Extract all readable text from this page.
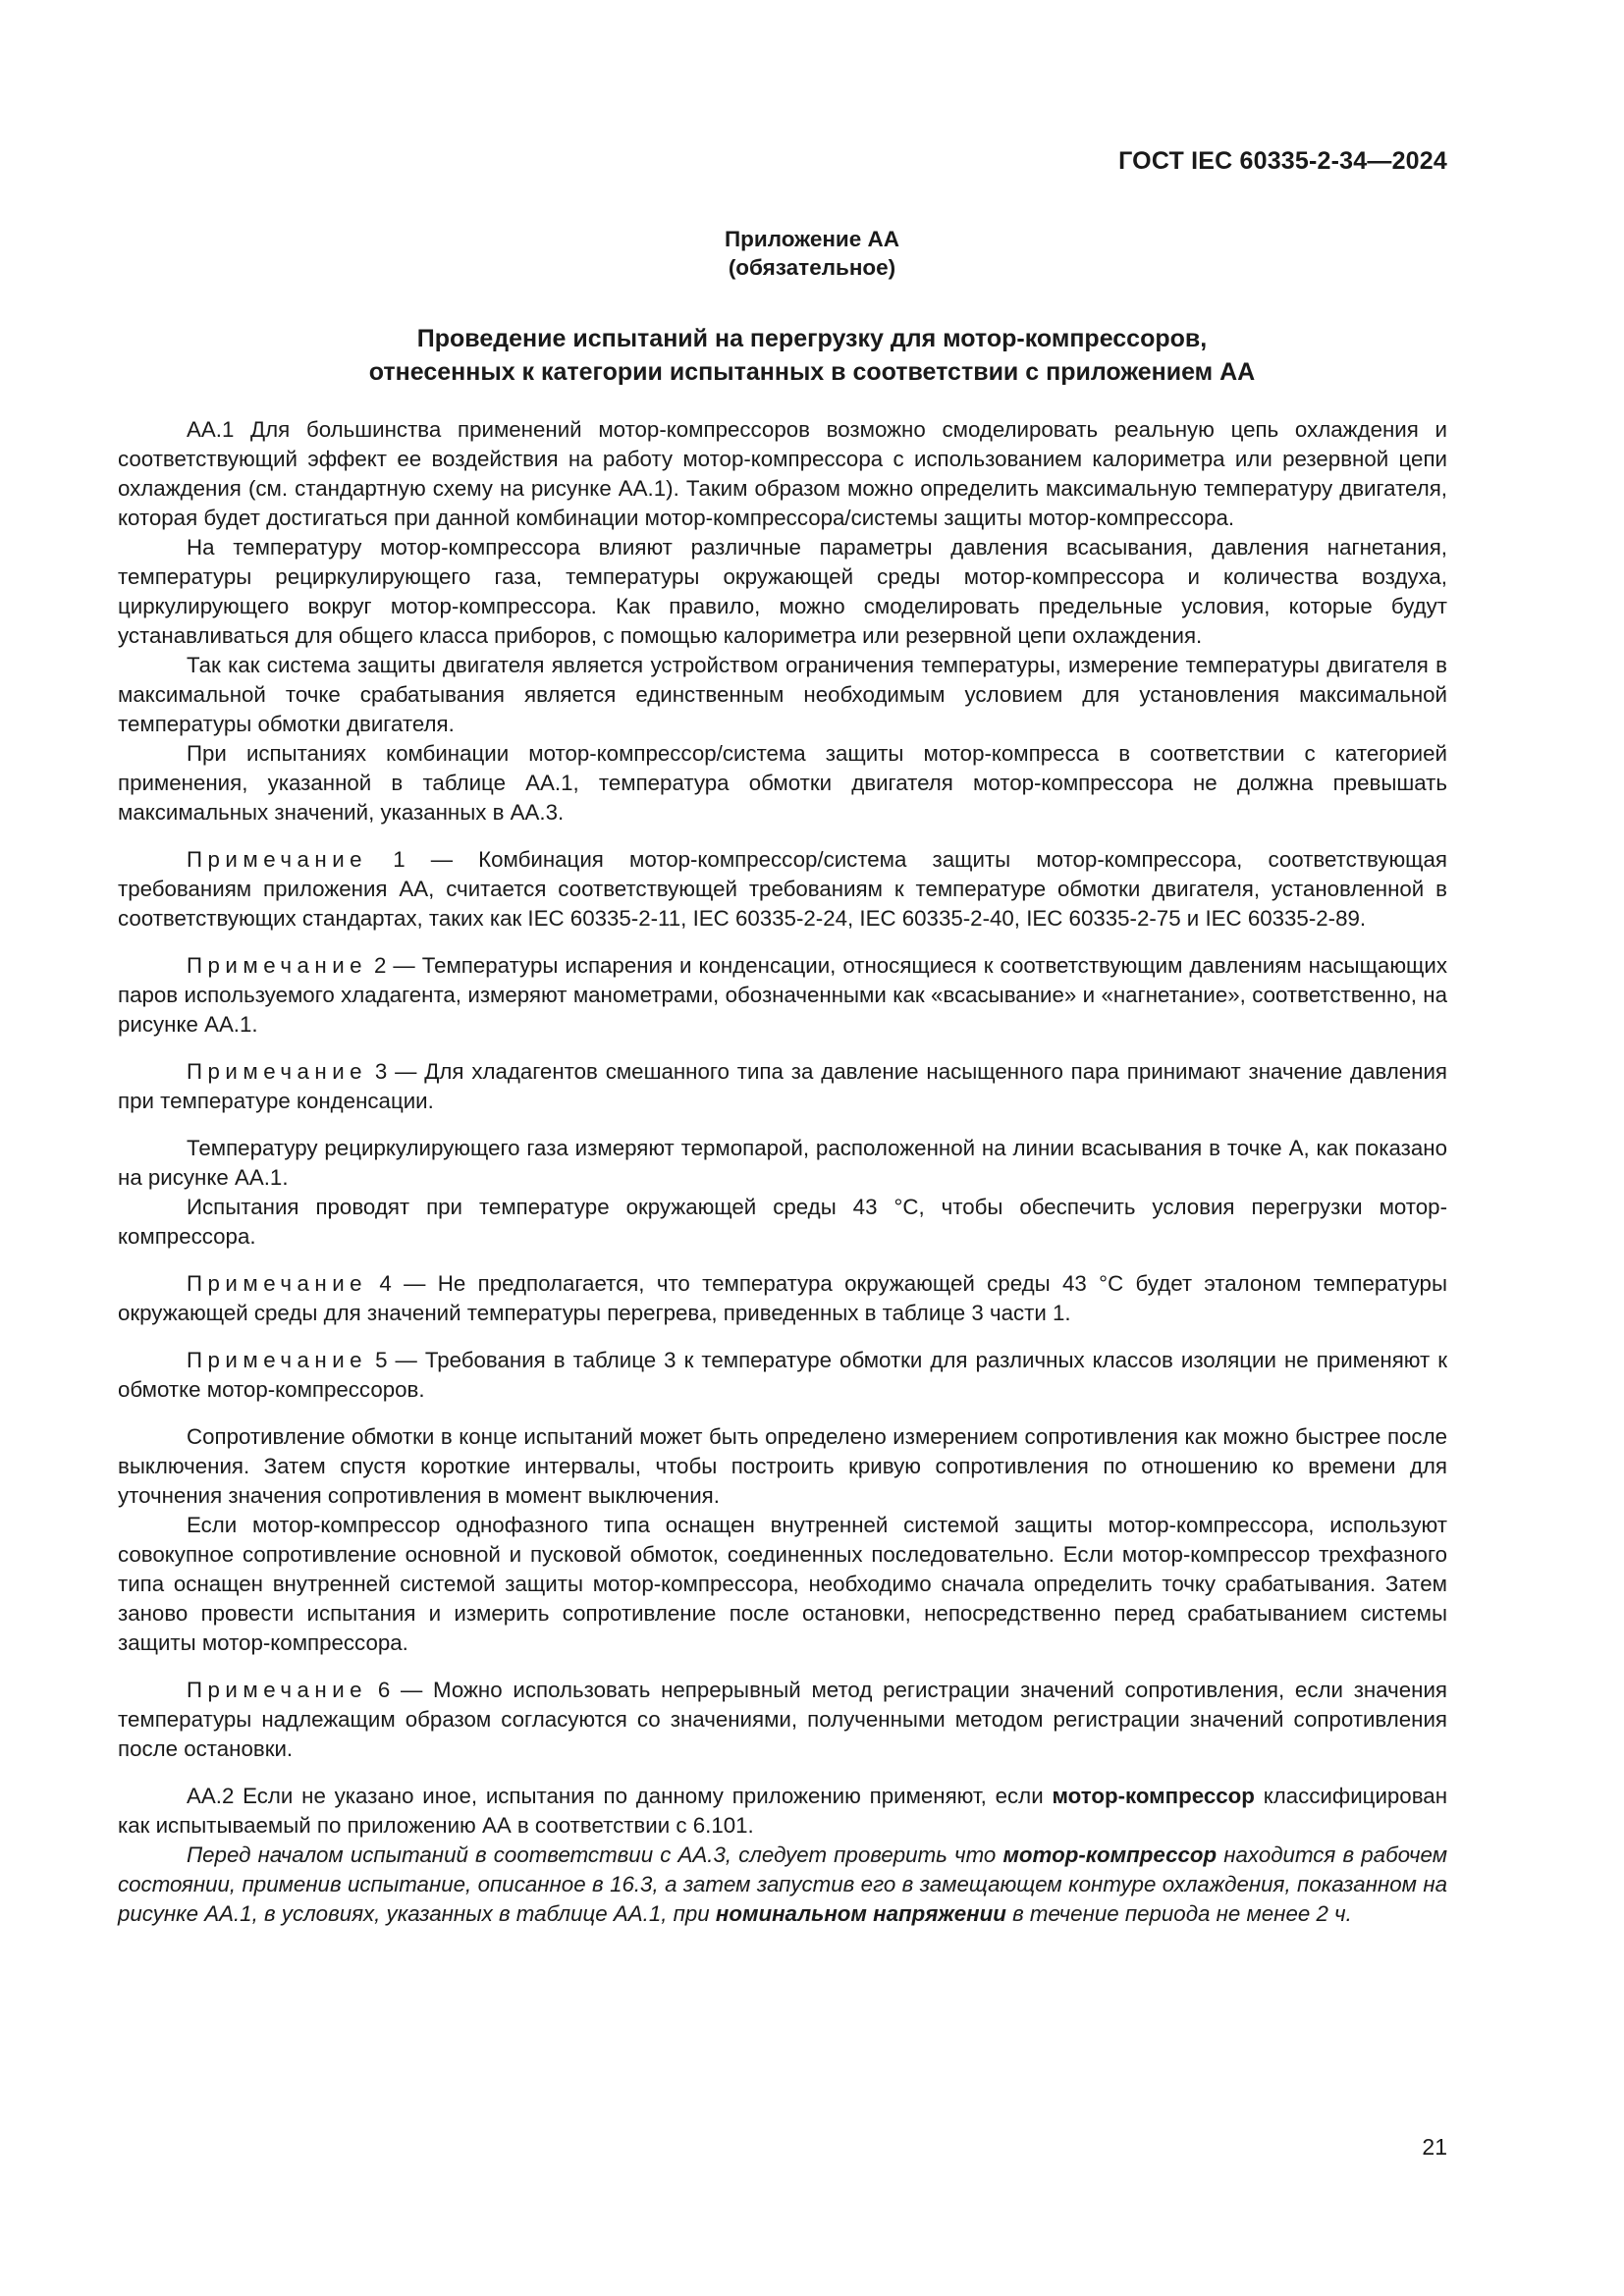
ГОСТ IEC 60335-2-34—2024
Приложение АА
(обязательное)
Проведение испытаний на перегрузку для мотор-компрессоров,
отнесенных к категории испытанных в соответствии с приложением АА

АА.1 Для большинства применений мотор-компрессоров возможно смоделировать реальную цепь охлаждения и соответствующий эффект ее воздействия на работу мотор-компрессора с использованием калориметра или резервной цепи охлаждения (см. стандартную схему на рисунке АА.1). Таким образом можно определить максимальную температуру двигателя, которая будет достигаться при данной комбинации мотор-компрессора/системы защиты мотор-компрессора.

На температуру мотор-компрессора влияют различные параметры давления всасывания, давления нагнетания, температуры рециркулирующего газа, температуры окружающей среды мотор-компрессора и количества воздуха, циркулирующего вокруг мотор-компрессора. Как правило, можно смоделировать предельные условия, которые будут устанавливаться для общего класса приборов, с помощью калориметра или резервной цепи охлаждения.

Так как система защиты двигателя является устройством ограничения температуры, измерение температуры двигателя в максимальной точке срабатывания является единственным необходимым условием для установления максимальной температуры обмотки двигателя.

При испытаниях комбинации мотор-компрессор/система защиты мотор-компресса в соответствии с категорией применения, указанной в таблице АА.1, температура обмотки двигателя мотор-компрессора не должна превышать максимальных значений, указанных в АА.3.

Примечание 1 — Комбинация мотор-компрессор/система защиты мотор-компрессора, соответствующая требованиям приложения АА, считается соответствующей требованиям к температуре обмотки двигателя, установленной в соответствующих стандартах, таких как IEC 60335-2-11, IEC 60335-2-24, IEC 60335-2-40, IEC 60335-2-75 и IEC 60335-2-89.

Примечание 2 — Температуры испарения и конденсации, относящиеся к соответствующим давлениям насыщающих паров используемого хладагента, измеряют манометрами, обозначенными как «всасывание» и «нагнетание», соответственно, на рисунке АА.1.

Примечание 3 — Для хладагентов смешанного типа за давление насыщенного пара принимают значение давления при температуре конденсации.

Температуру рециркулирующего газа измеряют термопарой, расположенной на линии всасывания в точке А, как показано на рисунке АА.1.

Испытания проводят при температуре окружающей среды 43 °С, чтобы обеспечить условия перегрузки мотор-компрессора.

Примечание 4 — Не предполагается, что температура окружающей среды 43 °С будет эталоном температуры окружающей среды для значений температуры перегрева, приведенных в таблице 3 части 1.

Примечание 5 — Требования в таблице 3 к температуре обмотки для различных классов изоляции не применяют к обмотке мотор-компрессоров.

Сопротивление обмотки в конце испытаний может быть определено измерением сопротивления как можно быстрее после выключения. Затем спустя короткие интервалы, чтобы построить кривую сопротивления по отношению ко времени для уточнения значения сопротивления в момент выключения.

Если мотор-компрессор однофазного типа оснащен внутренней системой защиты мотор-компрессора, используют совокупное сопротивление основной и пусковой обмоток, соединенных последовательно. Если мотор-компрессор трехфазного типа оснащен внутренней системой защиты мотор-компрессора, необходимо сначала определить точку срабатывания. Затем заново провести испытания и измерить сопротивление после остановки, непосредственно перед срабатыванием системы защиты мотор-компрессора.

Примечание 6 — Можно использовать непрерывный метод регистрации значений сопротивления, если значения температуры надлежащим образом согласуются со значениями, полученными методом регистрации значений сопротивления после остановки.

АА.2 Если не указано иное, испытания по данному приложению применяют, если мотор-компрессор классифицирован как испытываемый по приложению АА в соответствии с 6.101.

Перед началом испытаний в соответствии с АА.3, следует проверить что мотор-компрессор находится в рабочем состоянии, применив испытание, описанное в 16.3, а затем запустив его в замещающем контуре охлаждения, показанном на рисунке АА.1, в условиях, указанных в таблице АА.1, при номинальном напряжении в течение периода не менее 2 ч.

21
